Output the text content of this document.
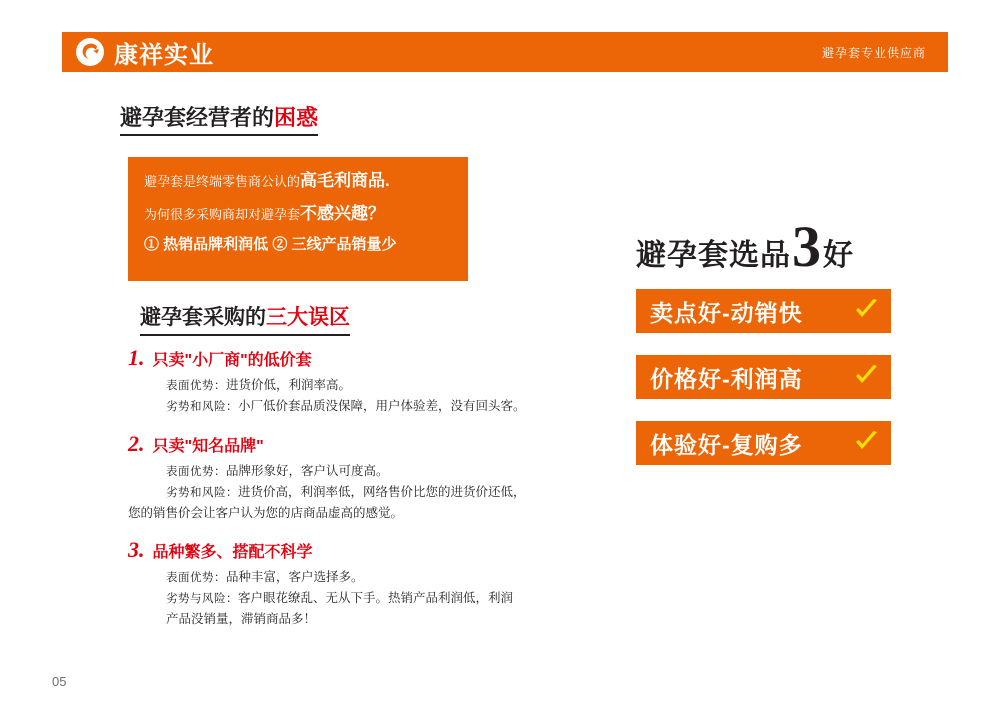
康祥实业	避孕套专业供应商
避孕套经营者的困惑

避孕套是终端零售商公认的高毛利商品.

为何很多采购商却对避孕套不感兴趣？

① 热销品牌利润低 ② 三线产品销量少

避孕套采购的三大误区
1. 只卖"小厂商"的低价套

表面优势：进货价低，利润率高。

劣势和风险：小厂低价套品质没保障，用户体验差，没有回头客。

2. 只卖"知名品牌"

表面优势：品牌形象好，客户认可度高。

劣势和风险：进货价高，利润率低，网络售价比您的进货价还低，

您的销售价会让客户认为您的店商品虚高的感觉。

3. 品种繁多、搭配不科学

表面优势：品种丰富，客户选择多。

劣势与风险：客户眼花缭乱、无从下手。热销产品利润低，利润

产品没销量，滞销商品多！

避孕套选品 3 好
卖点好-动销快
价格好-利润高
体验好-复购多
05
